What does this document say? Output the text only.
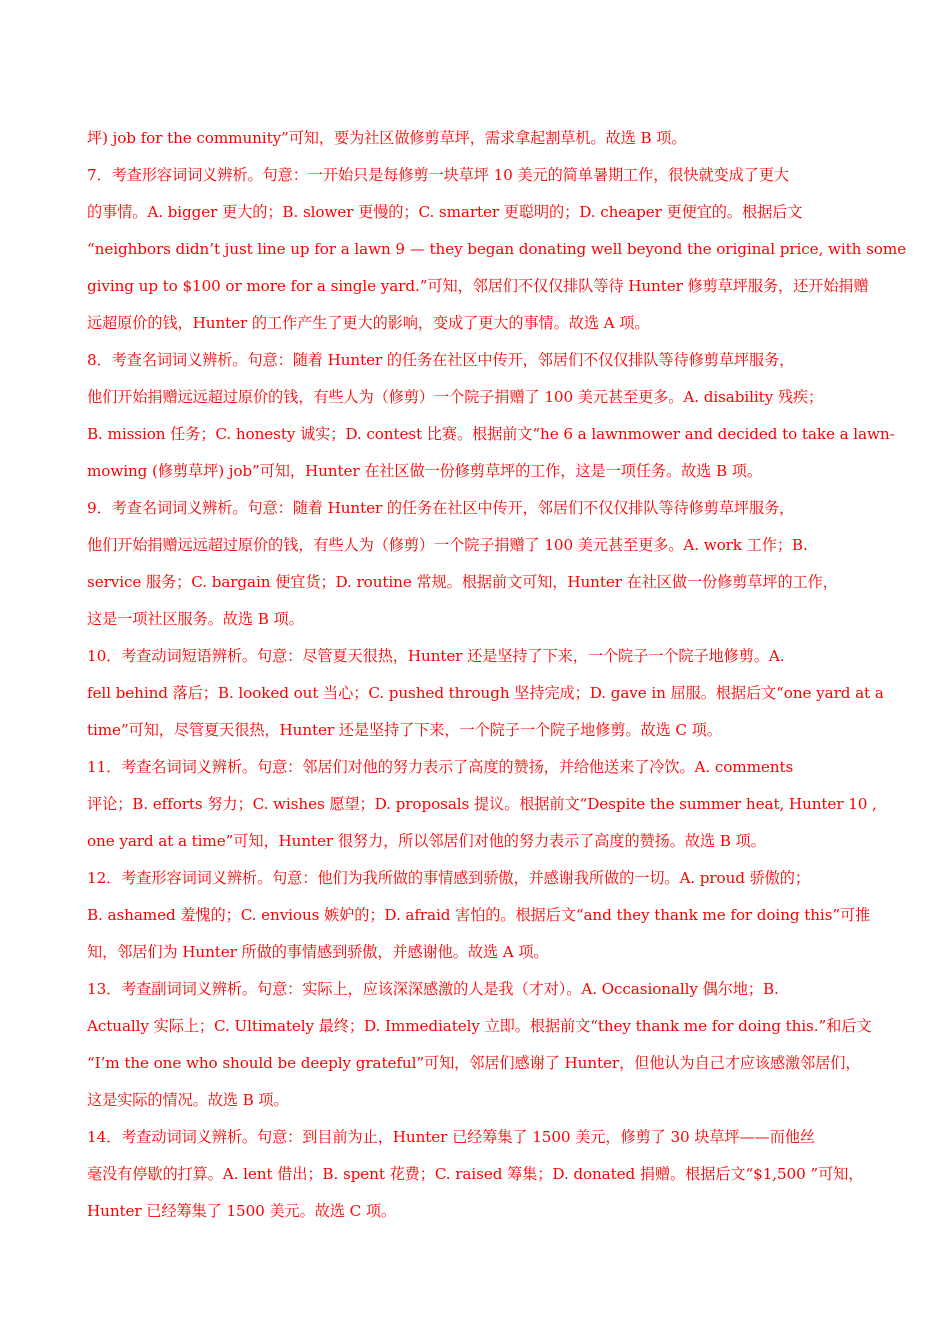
坪) job for the community”可知，要为社区做修剪草坪，需求拿起割草机。故选 B 项。
7．考查形容词词义辨析。句意：一开始只是每修剪一块草坪 10 美元的简单暑期工作，很快就变成了更大
的事情。A. bigger 更大的；B. slower 更慢的；C. smarter 更聪明的；D. cheaper 更便宜的。根据后文
“neighbors didn’t just line up for a lawn 9 — they began donating well beyond the original price, with some
giving up to $100 or more for a single yard.”可知，邻居们不仅仅排队等待 Hunter 修剪草坪服务，还开始捐赠
远超原价的钱，Hunter 的工作产生了更大的影响，变成了更大的事情。故选 A 项。
8．考查名词词义辨析。句意：随着 Hunter 的任务在社区中传开，邻居们不仅仅排队等待修剪草坪服务，
他们开始捐赠远远超过原价的钱，有些人为（修剪）一个院子捐赠了 100 美元甚至更多。A. disability 残疾；
B. mission 任务；C. honesty 诚实；D. contest 比赛。根据前文“he 6 a lawnmower and decided to take a lawn-
mowing (修剪草坪) job”可知，Hunter 在社区做一份修剪草坪的工作，这是一项任务。故选 B 项。
9．考查名词词义辨析。句意：随着 Hunter 的任务在社区中传开，邻居们不仅仅排队等待修剪草坪服务，
他们开始捐赠远远超过原价的钱，有些人为（修剪）一个院子捐赠了 100 美元甚至更多。A. work 工作；B.
service 服务；C. bargain 便宜货；D. routine 常规。根据前文可知，Hunter 在社区做一份修剪草坪的工作，
这是一项社区服务。故选 B 项。
10．考查动词短语辨析。句意：尽管夏天很热，Hunter 还是坚持了下来，一个院子一个院子地修剪。A.
fell behind 落后；B. looked out 当心；C. pushed through 坚持完成；D. gave in 屈服。根据后文“one yard at a
time”可知，尽管夏天很热，Hunter 还是坚持了下来，一个院子一个院子地修剪。故选 C 项。
11．考查名词词义辨析。句意：邻居们对他的努力表示了高度的赞扬，并给他送来了冷饮。A. comments
评论；B. efforts 努力；C. wishes 愿望；D. proposals 提议。根据前文“Despite the summer heat, Hunter 10 ,
one yard at a time”可知，Hunter 很努力，所以邻居们对他的努力表示了高度的赞扬。故选 B 项。
12．考查形容词词义辨析。句意：他们为我所做的事情感到骄傲，并感谢我所做的一切。A. proud 骄傲的；
B. ashamed 羞愧的；C. envious 嫉妒的；D. afraid 害怕的。根据后文“and they thank me for doing this”可推
知，邻居们为 Hunter 所做的事情感到骄傲，并感谢他。故选 A 项。
13．考查副词词义辨析。句意：实际上，应该深深感激的人是我（才对）。A. Occasionally 偶尔地；B.
Actually 实际上；C. Ultimately 最终；D. Immediately 立即。根据前文“they thank me for doing this.”和后文
“I’m the one who should be deeply grateful”可知，邻居们感谢了 Hunter，但他认为自己才应该感激邻居们，
这是实际的情况。故选 B 项。
14．考查动词词义辨析。句意：到目前为止，Hunter 已经筹集了 1500 美元，修剪了 30 块草坪——而他丝
毫没有停歇的打算。A. lent 借出；B. spent 花费；C. raised 筹集；D. donated 捐赠。根据后文“$1,500 ”可知，
Hunter 已经筹集了 1500 美元。故选 C 项。
